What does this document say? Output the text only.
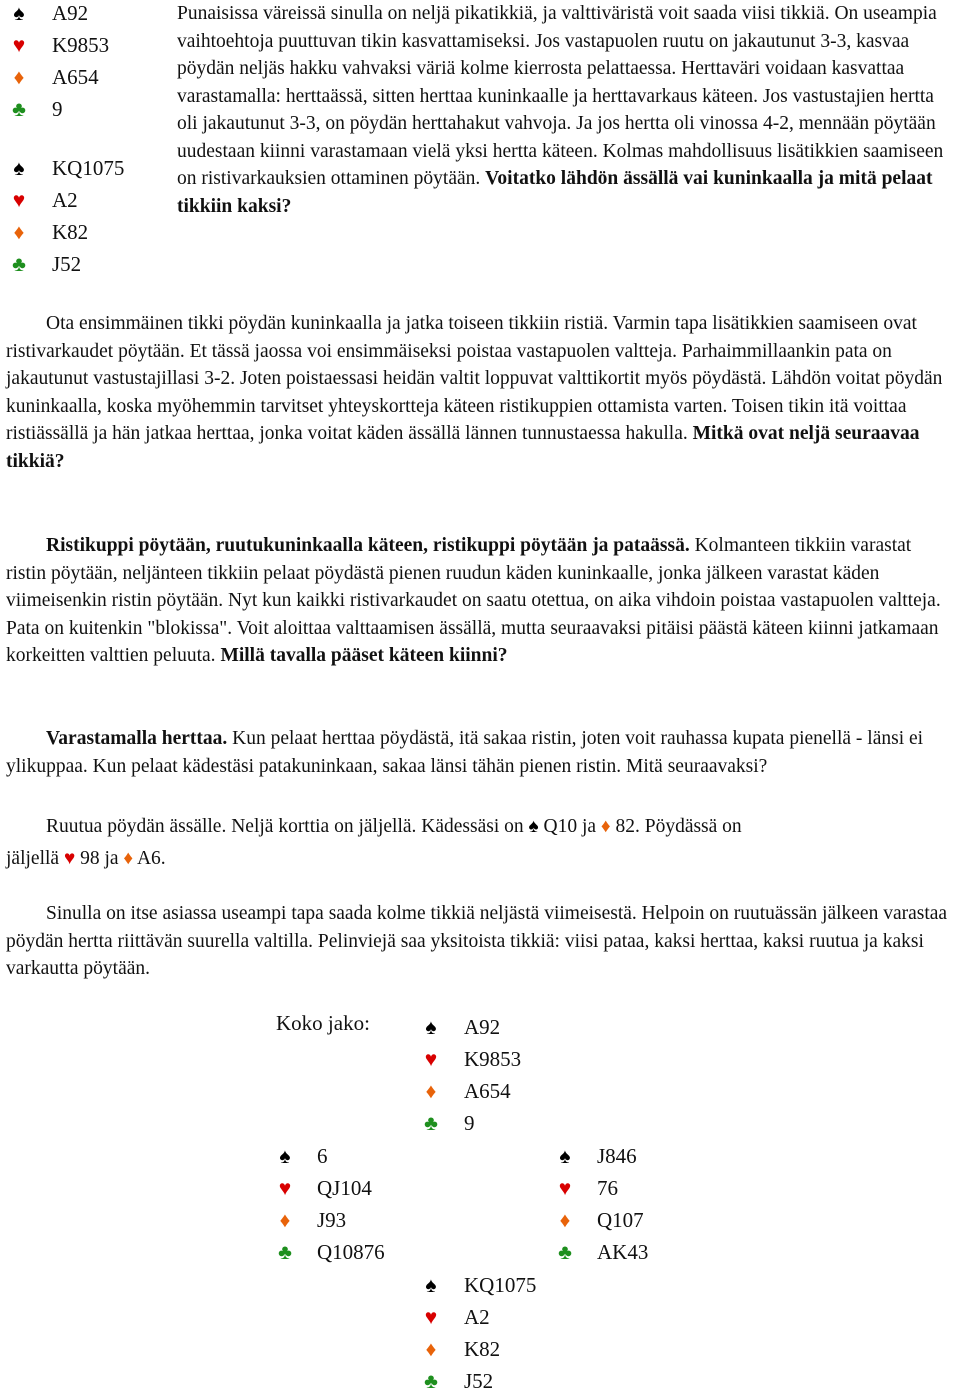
♠ A92
♥ K9853
♦ A654
♣ 9
♠ KQ1075
♥ A2
♦ K82
♣ J52
Punaisissa väreissä sinulla on neljä pikatikkiä, ja valttiväristä voit saada viisi tikkiä. On useampia vaihtoehtoja puuttuvan tikin kasvattamiseksi. Jos vastapuolen ruutu on jakautunut 3-3, kasvaa pöydän neljäs hakku vahvaksi väriä kolme kierrosta pelattaessa. Herttaväri voidaan kasvattaa varastamalla: herttaässä, sitten herttaa kuninkaalle ja herttavarkaus käteen. Jos vastustajien hertta oli jakautunut 3-3, on pöydän herttahakut vahvoja. Ja jos hertta oli vinossa 4-2, mennään pöytään uudestaan kiinni varastamaan vielä yksi hertta käteen. Kolmas mahdollisuus lisätikkien saamiseen on ristivarkauksien ottaminen pöytään. Voitatko lähdön ässällä vai kuninkaalla ja mitä pelaat tikkiin kaksi?
Ota ensimmäinen tikki pöydän kuninkaalla ja jatka toiseen tikkiin ristiä. Varmin tapa lisätikkien saamiseen ovat ristivarkaudet pöytään. Et tässä jaossa voi ensimmäiseksi poistaa vastapuolen valtteja. Parhaimmillaankin pata on jakautunut vastustajillasi 3-2. Joten poistaessasi heidän valtit loppuvat valttikortit myös pöydästä. Lähdön voitat pöydän kuninkaalla, koska myöhemmin tarvitset yhteyskortteja käteen ristikuppien ottamista varten. Toisen tikin itä voittaa ristiässällä ja hän jatkaa herttaa, jonka voitat käden ässällä lännen tunnustaessa hakulla. Mitkä ovat neljä seuraavaa tikkiä?
Ristikuppi pöytään, ruutukuninkaalla käteen, ristikuppi pöytään ja pataässä. Kolmanteen tikkiin varastat ristin pöytään, neljänteen tikkiin pelaat pöydästä pienen ruudun käden kuninkaalle, jonka jälkeen varastat käden viimeisenkin ristin pöytään. Nyt kun kaikki ristivarkaudet on saatu otettua, on aika vihdoin poistaa vastapuolen valtteja. Pata on kuitenkin "blokissa". Voit aloittaa valttaamisen ässällä, mutta seuraavaksi pitäisi päästä käteen kiinni jatkamaan korkeitten valttien peluuta. Millä tavalla pääset käteen kiinni?
Varastamalla herttaa. Kun pelaat herttaa pöydästä, itä sakaa ristin, joten voit rauhassa kupata pienellä - länsi ei ylikuppaa. Kun pelaat kädestäsi patakuninkaan, sakaa länsi tähän pienen ristin. Mitä seuraavaksi?
Ruutua pöydän ässälle. Neljä korttia on jäljellä. Kädessäsi on ♠ Q10 ja ♦ 82. Pöydässä on
jäljellä ♥ 98 ja ♦ A6.
Sinulla on itse asiassa useampi tapa saada kolme tikkiä neljästä viimeisestä. Helpoin on ruutuässän jälkeen varastaa pöydän hertta riittävän suurella valtilla. Pelinviejä saa yksitoista tikkiä: viisi pataa, kaksi herttaa, kaksi ruutua ja kaksi varkautta pöytään.
Koko jako:	♠ A92
♥ K9853
♦ A654
♣ 9
♠ 6
♥ QJ104
♦ J93
♣ Q10876
♠ J846
♥ 76
♦ Q107
♣ AK43
♠ KQ1075
♥ A2
♦ K82
♣ J52
